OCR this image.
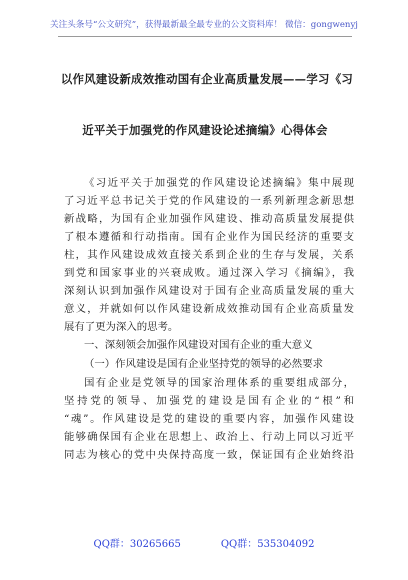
关注头条号“公文研究”，获得最新最全最专业的公文资料库！ 微信：gongwenyj
以作风建设新成效推动国有企业高质量发展——学习《习
近平关于加强党的作风建设论述摘编》心得体会
《习近平关于加强党的作风建设论述摘编》集中展现
了习近平总书记关于党的作风建设的一系列新理念新思想
新战略，为国有企业加强作风建设、推动高质量发展提供
了根本遵循和行动指南。国有企业作为国民经济的重要支
柱，其作风建设成效直接关系到企业的生存与发展，关系
到党和国家事业的兴衰成败。通过深入学习《摘编》，我
深刻认识到加强作风建设对于国有企业高质量发展的重大
意义，并就如何以作风建设新成效推动国有企业高质量发
展有了更为深入的思考。
一、深刻领会加强作风建设对国有企业的重大意义
（一）作风建设是国有企业坚持党的领导的必然要求
国有企业是党领导的国家治理体系的重要组成部分，
坚持党的领导、加强党的建设是国有企业的“根”和
“魂”。作风建设是党的建设的重要内容，加强作风建设
能够确保国有企业在思想上、政治上、行动上同以习近平
同志为核心的党中央保持高度一致，保证国有企业始终沿
QQ群：30265665	QQ群：535304092
